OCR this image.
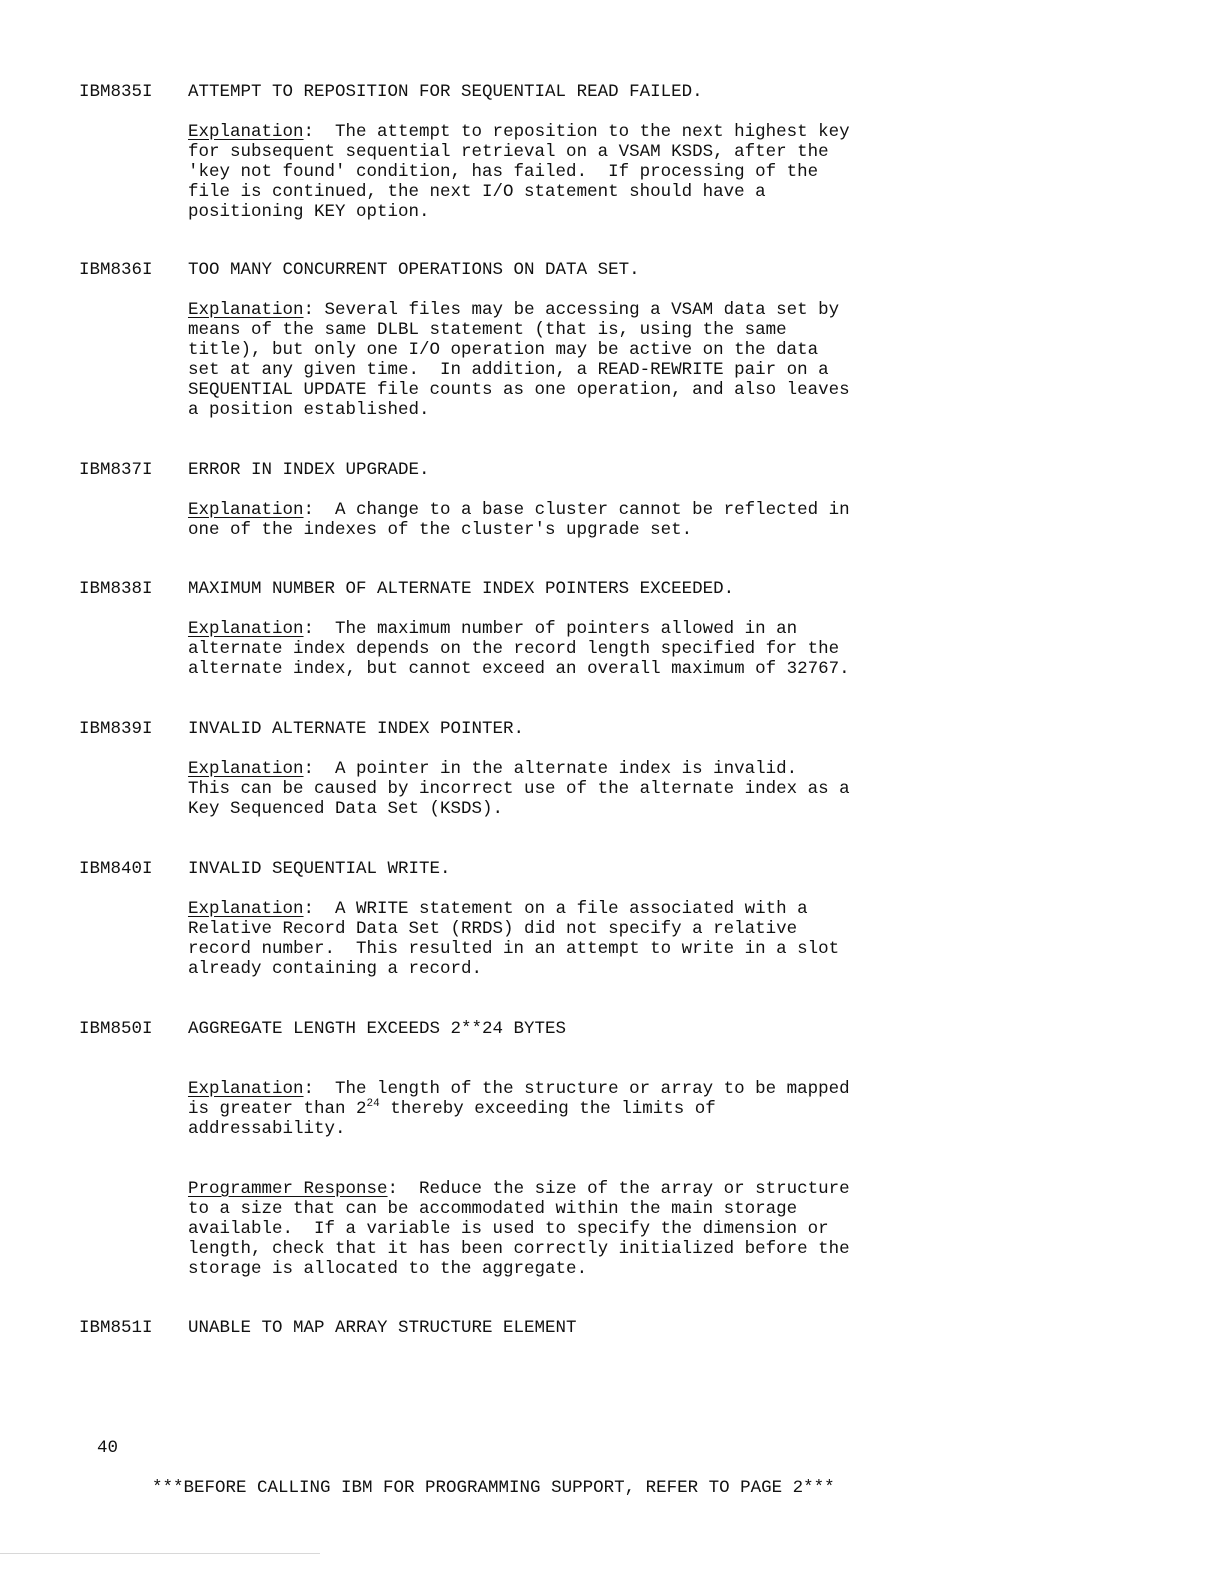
IBM835I ATTEMPT TO REPOSITION FOR SEQUENTIAL READ FAILED.
Explanation:  The attempt to reposition to the next highest key
for subsequent sequential retrieval on a VSAM KSDS, after the
'key not found' condition, has failed.  If processing of the
file is continued, the next I/O statement should have a
positioning KEY option.
IBM836I TOO MANY CONCURRENT OPERATIONS ON DATA SET.
Explanation: Several files may be accessing a VSAM data set by
means of the same DLBL statement (that is, using the same
title), but only one I/O operation may be active on the data
set at any given time.  In addition, a READ-REWRITE pair on a
SEQUENTIAL UPDATE file counts as one operation, and also leaves
a position established.
IBM837I ERROR IN INDEX UPGRADE.
Explanation:  A change to a base cluster cannot be reflected in
one of the indexes of the cluster's upgrade set.
IBM838I MAXIMUM NUMBER OF ALTERNATE INDEX POINTERS EXCEEDED.
Explanation:  The maximum number of pointers allowed in an
alternate index depends on the record length specified for the
alternate index, but cannot exceed an overall maximum of 32767.
IBM839I INVALID ALTERNATE INDEX POINTER.
Explanation:  A pointer in the alternate index is invalid.
This can be caused by incorrect use of the alternate index as a
Key Sequenced Data Set (KSDS).
IBM840I INVALID SEQUENTIAL WRITE.
Explanation:  A WRITE statement on a file associated with a
Relative Record Data Set (RRDS) did not specify a relative
record number.  This resulted in an attempt to write in a slot
already containing a record.
IBM850I AGGREGATE LENGTH EXCEEDS 2**24 BYTES
Explanation:  The length of the structure or array to be mapped
is greater than $2^{24}$ thereby exceeding the limits of
addressability.
Programmer Response:  Reduce the size of the array or structure
to a size that can be accommodated within the main storage
available.  If a variable is used to specify the dimension or
length, check that it has been correctly initialized before the
storage is allocated to the aggregate.
IBM851I UNABLE TO MAP ARRAY STRUCTURE ELEMENT
40
***BEFORE CALLING IBM FOR PROGRAMMING SUPPORT, REFER TO PAGE 2***
